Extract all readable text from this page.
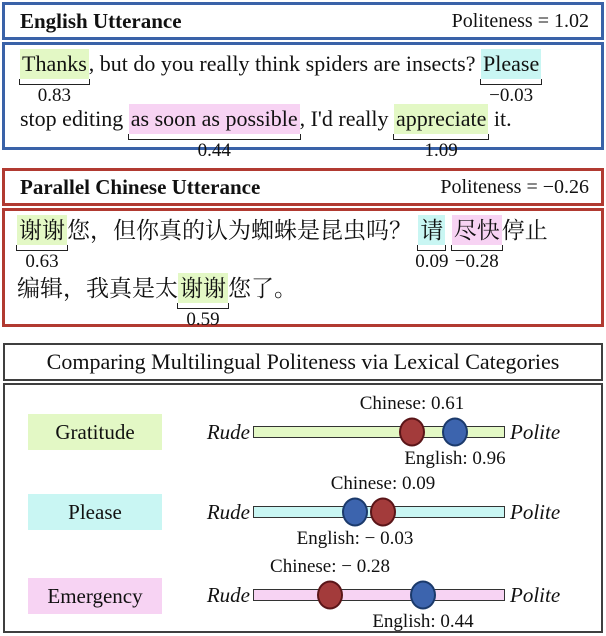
English Utterance	Politeness = 1.02
Thanks
0.83
, but do you really think spiders are insects? Please
−0.03
stop editing as soon as possible
0.44
, I'd really appreciate
1.09
it.
Parallel Chinese Utterance	Politeness = −0.26
谢谢
0.63
您，但你真的认为蜘蛛是昆虫吗？ 请
0.09
尽快
−0.28
停止
编辑，我真是太谢谢
0.59
您了。
Comparing Multilingual Politeness via Lexical Categories
Gratitude	Rude
Chinese: 0.61
English: 0.96
Polite
Please	Rude
Chinese: 0.09
English: − 0.03
Polite
Emergency	Rude
Chinese: − 0.28
English: 0.44
Polite
